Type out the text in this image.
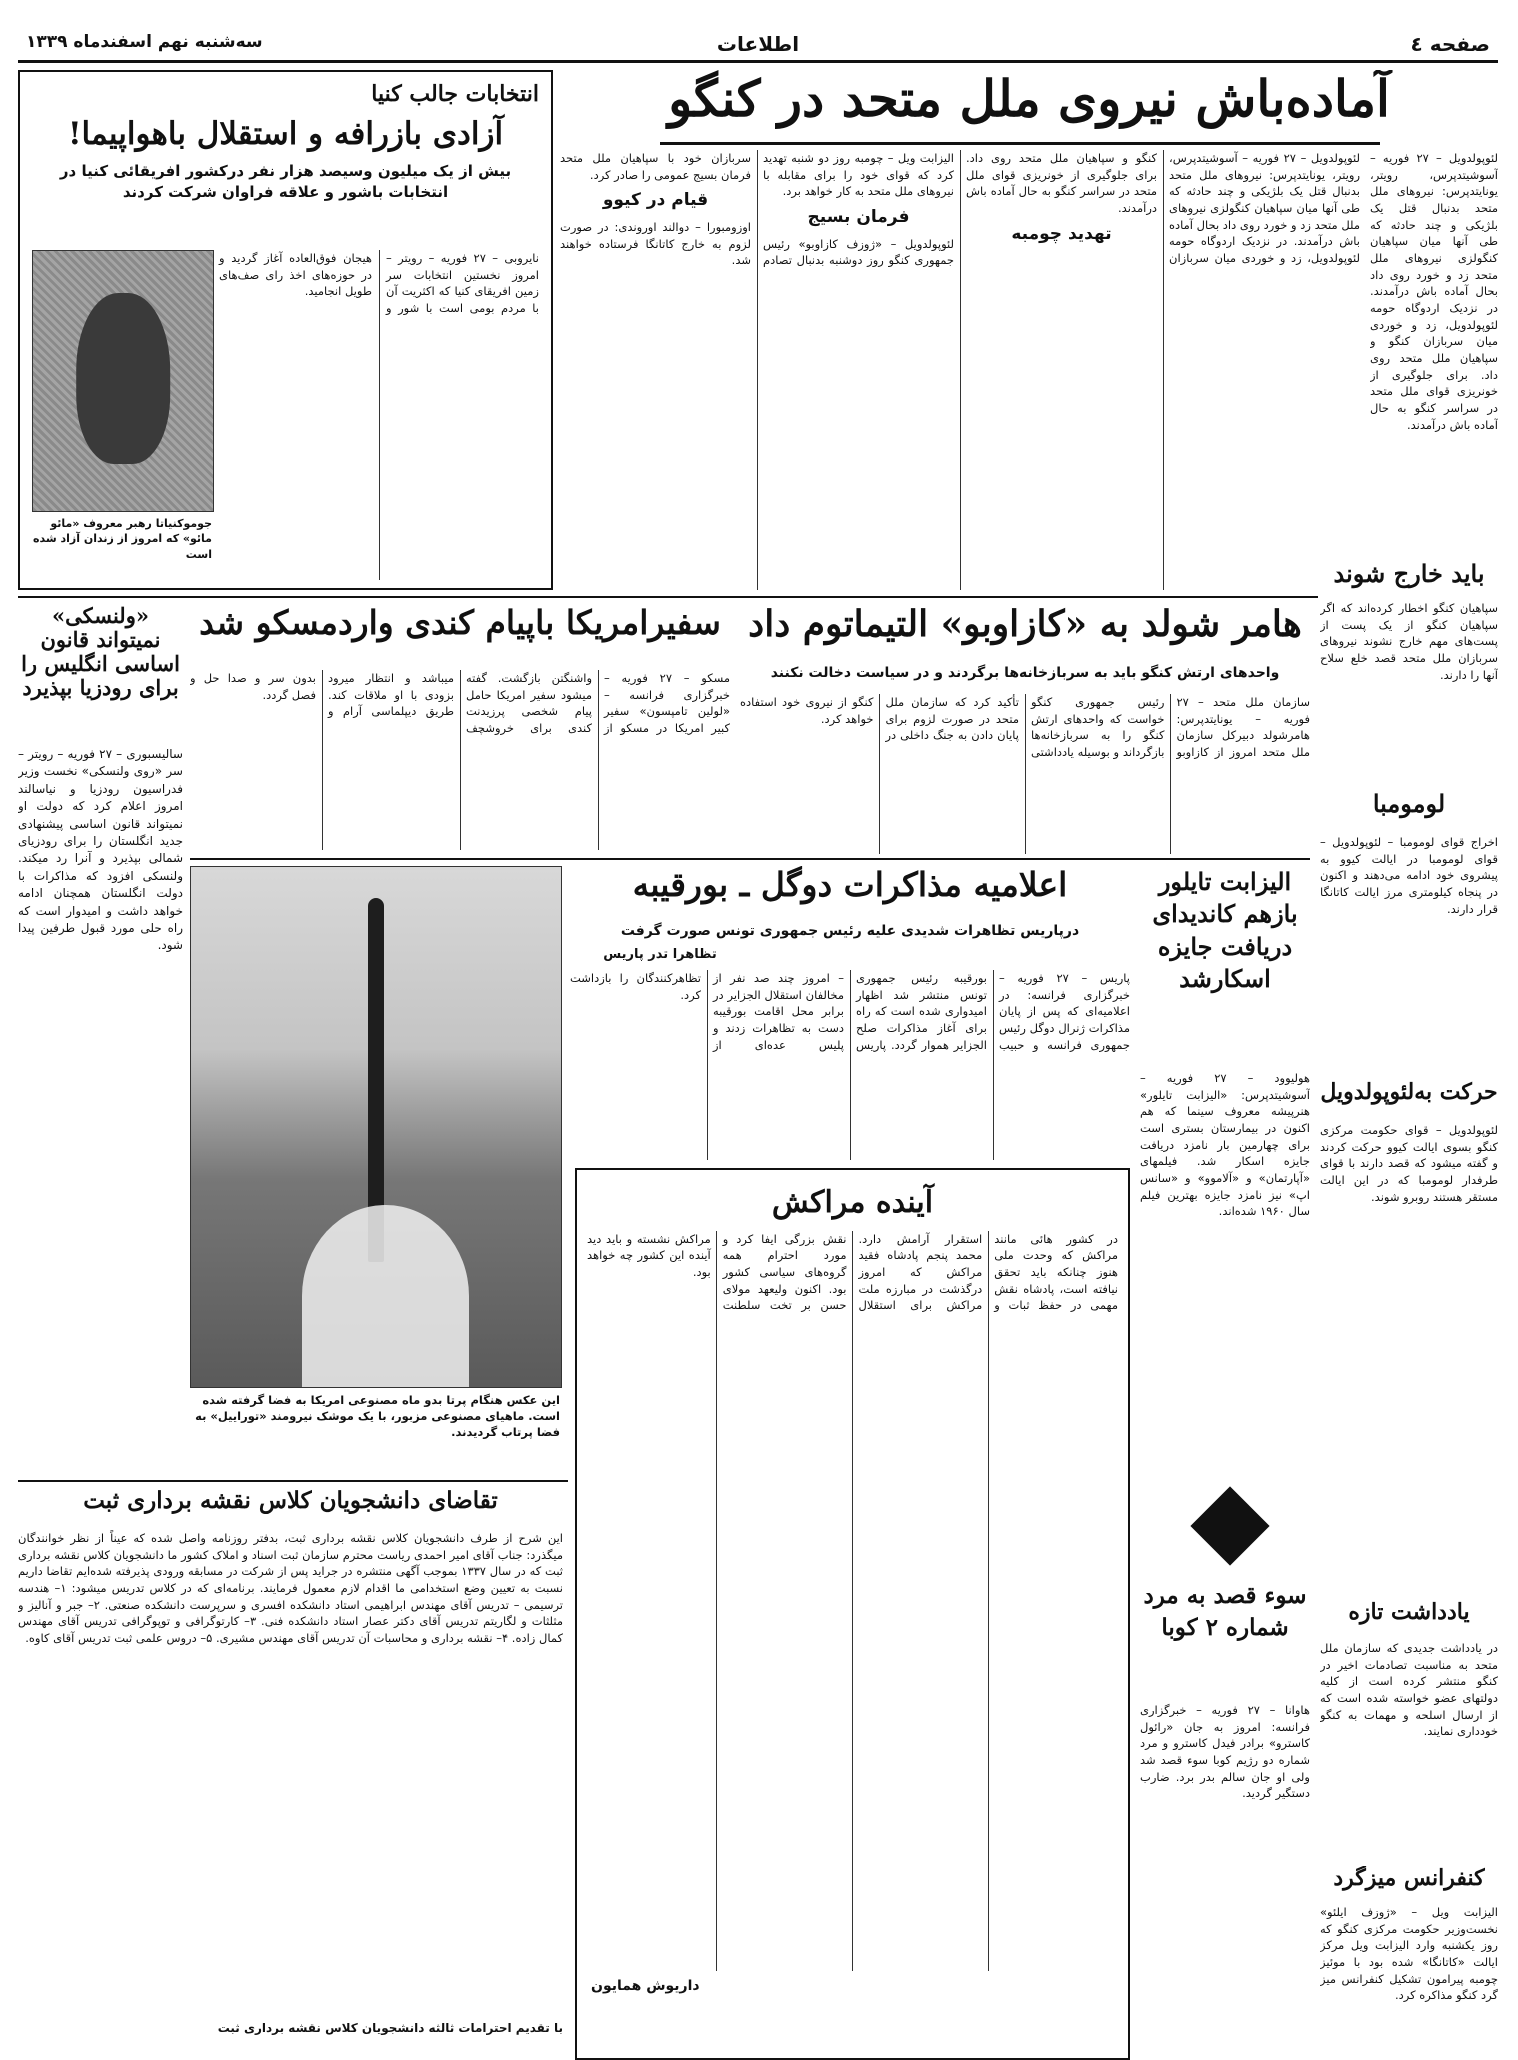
صفحه ٤
اطلاعات
سه‌شنبه نهم اسفندماه ۱۳۳۹
آماده‌باش نیروی ملل متحد در کنگو
لئوپولدویل – ۲۷ فوریه – آسوشیتدپرس، رویتر، یونایتدپرس: نیروهای ملل متحد بدنبال قتل یک بلژیکی و چند حادثه که طی آنها میان سپاهیان کنگولزی نیروهای ملل متحد زد و خورد روی داد بحال آماده باش درآمدند. در نزدیک اردوگاه حومه لئوپولدویل، زد و خوردی میان سربازان کنگو و سپاهیان ملل متحد روی داد. برای جلوگیری از خونریزی قوای ملل متحد در سراسر کنگو به حال آماده باش درآمدند.
تهدید چومبه
الیزابت ویل – چومبه روز دو شنبه تهدید کرد که قوای خود را برای مقابله با نیروهای ملل متحد به کار خواهد برد.
فرمان بسیج
لئوپولدویل – «ژوزف کازاوبو» رئیس جمهوری کنگو روز دوشنبه بدنبال تصادم سربازان خود با سپاهیان ملل متحد فرمان بسیج عمومی را صادر کرد.
قیام در کیوو
اوزومبورا – دوالند اوروندی: در صورت لزوم به خارج کاتانگا فرستاده خواهند شد.
لئوپولدویل – ۲۷ فوریه – آسوشیتدپرس، رویتر، یونایتدپرس: نیروهای ملل متحد بدنبال قتل یک بلژیکی و چند حادثه که طی آنها میان سپاهیان کنگولزی نیروهای ملل متحد زد و خورد روی داد بحال آماده باش درآمدند. در نزدیک اردوگاه حومه لئوپولدویل، زد و خوردی میان سربازان کنگو و سپاهیان ملل متحد روی داد. برای جلوگیری از خونریزی قوای ملل متحد در سراسر کنگو به حال آماده باش درآمدند.
باید خارج شوند
سپاهیان کنگو اخطار کرده‌اند که اگر سپاهیان کنگو از یک پست از پست‌های مهم خارج نشوند نیروهای سربازان ملل متحد قصد خلع سلاح آنها را دارند.
انتخابات جالب کنیا
آزادی بازرافه و استقلال باهواپیما!
بیش از یک میلیون وسیصد هزار نفر درکشور افریقائی کنیا در انتخابات باشور و علاقه فراوان شرکت کردند
جوموکنیاتا رهبر معروف «مائو مائو» که امروز از زندان آزاد شده است
نایروبی – ۲۷ فوریه – رویتر – امروز نخستین انتخابات سر زمین افریقای کنیا که اکثریت آن با مردم بومی است با شور و هیجان فوق‌العاده آغاز گردید و در حوزه‌های اخذ رای صف‌های طویل انجامید.
هامر شولد به «کازاوبو» التیماتوم داد
واحدهای ارتش کنگو باید به سربازخانه‌ها برگردند و در سیاست دخالت نکنند
سازمان ملل متحد – ۲۷ فوریه – یونایتدپرس: هامرشولد دبیرکل سازمان ملل متحد امروز از کازاوبو رئیس جمهوری کنگو خواست که واحدهای ارتش کنگو را به سربازخانه‌ها بازگرداند و بوسیله یادداشتی تأکید کرد که سازمان ملل متحد در صورت لزوم برای پایان دادن به جنگ داخلی در کنگو از نیروی خود استفاده خواهد کرد.
سفیرامریکا باپیام کندی واردمسکو شد
مسکو – ۲۷ فوریه – خبرگزاری فرانسه – «لولین تامپسون» سفیر کبیر امریکا در مسکو از واشنگتن بازگشت. گفته میشود سفیر امریکا حامل پیام شخصی پرزیدنت کندی برای خروشچف میباشد و انتظار میرود بزودی با او ملاقات کند. طریق دیپلماسی آرام و بدون سر و صدا حل و فصل گردد.
«ولنسکی» نمیتواند قانون اساسی انگلیس را برای رودزیا بپذیرد
سالیسبوری – ۲۷ فوریه – رویتر – سر «روی ولنسکی» نخست وزیر فدراسیون رودزیا و نیاسالند امروز اعلام کرد که دولت او نمیتواند قانون اساسی پیشنهادی جدید انگلستان را برای رودزیای شمالی بپذیرد و آنرا رد میکند. ولنسکی افزود که مذاکرات با دولت انگلستان همچنان ادامه خواهد داشت و امیدوار است که راه حلی مورد قبول طرفین پیدا شود.
این عکس هنگام پرتا بدو ماه مصنوعی امریکا به فضا گرفته شده است. ماهیای مصنوعی مزبور، با یک موشک نیرومند «توراییل» به فضا پرتاب گردیدند.
اعلامیه مذاکرات دوگل ـ بورقیبه
درپاریس تظاهرات شدیدی علیه رئیس جمهوری تونس صورت گرفت
تظاهرا تدر پاریس
پاریس – ۲۷ فوریه – خبرگزاری فرانسه: در اعلامیه‌ای که پس از پایان مذاکرات ژنرال دوگل رئیس جمهوری فرانسه و حبیب بورقیبه رئیس جمهوری تونس منتشر شد اظهار امیدواری شده است که راه برای آغاز مذاکرات صلح الجزایر هموار گردد. پاریس – امروز چند صد نفر از مخالفان استقلال الجزایر در برابر محل اقامت بورقیبه دست به تظاهرات زدند و پلیس عده‌ای از تظاهرکنندگان را بازداشت کرد.
الیزابت تایلور بازهم کاندیدای دریافت جایزه اسکارشد
هولیوود – ۲۷ فوریه – آسوشیتدپرس: «الیزابت تایلور» هنرپیشه معروف سینما که هم اکنون در بیمارستان بستری است برای چهارمین بار نامزد دریافت جایزه اسکار شد. فیلمهای «آپارتمان» و «آلاموو» و «سانس اپ» نیز نامزد جایزه بهترین فیلم سال ۱۹۶۰ شده‌اند.
لومومبا
اخراج قوای لومومبا – لئوپولدویل – قوای لومومبا در ایالت کیوو به پیشروی خود ادامه می‌دهند و اکنون در پنجاه کیلومتری مرز ایالت کاتانگا قرار دارند.
حرکت به‌لئوپولدویل
لئوپولدویل – قوای حکومت مرکزی کنگو بسوی ایالت کیوو حرکت کردند و گفته میشود که قصد دارند با قوای طرفدار لومومبا که در این ایالت مستقر هستند روبرو شوند.
آینده مراکش
در کشور هائی مانند مراکش که وحدت ملی هنوز چنانکه باید تحقق نیافته است، پادشاه نقش مهمی در حفظ ثبات و استقرار آرامش دارد. محمد پنجم پادشاه فقید مراکش که امروز درگذشت در مبارزه ملت مراکش برای استقلال نقش بزرگی ایفا کرد و مورد احترام همه گروه‌های سیاسی کشور بود. اکنون ولیعهد مولای حسن بر تخت سلطنت مراکش نشسته و باید دید آینده این کشور چه خواهد بود.
داریوش همایون
سوء قصد به مرد شماره ۲ کوبا
هاوانا – ۲۷ فوریه – خبرگزاری فرانسه: امروز به جان «رائول کاسترو» برادر فیدل کاسترو و مرد شماره دو رژیم کوبا سوء قصد شد ولی او جان سالم بدر برد. ضارب دستگیر گردید.
یادداشت تازه
در یادداشت جدیدی که سازمان ملل متحد به مناسبت تصادمات اخیر در کنگو منتشر کرده است از کلیه دولتهای عضو خواسته شده است که از ارسال اسلحه و مهمات به کنگو خودداری نمایند.
کنفرانس میزگرد
الیزابت ویل – «ژوزف ایلئو» نخست‌وزیر حکومت مرکزی کنگو که روز یکشنبه وارد الیزابت ویل مرکز ایالت «کاتانگا» شده بود با موئیز چومبه پیرامون تشکیل کنفرانس میز گرد کنگو مذاکره کرد.
تقاضای دانشجویان کلاس نقشه برداری ثبت
این شرح از طرف دانشجویان کلاس نقشه برداری ثبت، بدفتر روزنامه واصل شده که عیناً از نظر خوانندگان میگذرد: جناب آقای امیر احمدی ریاست محترم سازمان ثبت اسناد و املاک کشور ما دانشجویان کلاس نقشه برداری ثبت که در سال ۱۳۳۷ بموجب آگهی منتشره در جراید پس از شرکت در مسابقه ورودی پذیرفته شده‌ایم تقاضا داریم نسبت به تعیین وضع استخدامی ما اقدام لازم معمول فرمایند. برنامه‌ای که در کلاس تدریس میشود: ۱– هندسه ترسیمی – تدریس آقای مهندس ابراهیمی استاد دانشکده افسری و سرپرست دانشکده صنعتی. ۲– جبر و آنالیز و مثلثات و لگاریتم تدریس آقای دکتر عصار استاد دانشکده فنی. ۳– کارتوگرافی و توپوگرافی تدریس آقای مهندس کمال زاده. ۴– نقشه برداری و محاسبات آن تدریس آقای مهندس مشیری. ۵– دروس علمی ثبت تدریس آقای کاوه.
با تقدیم احترامات ثالثه دانشجویان کلاس نقشه برداری ثبت
